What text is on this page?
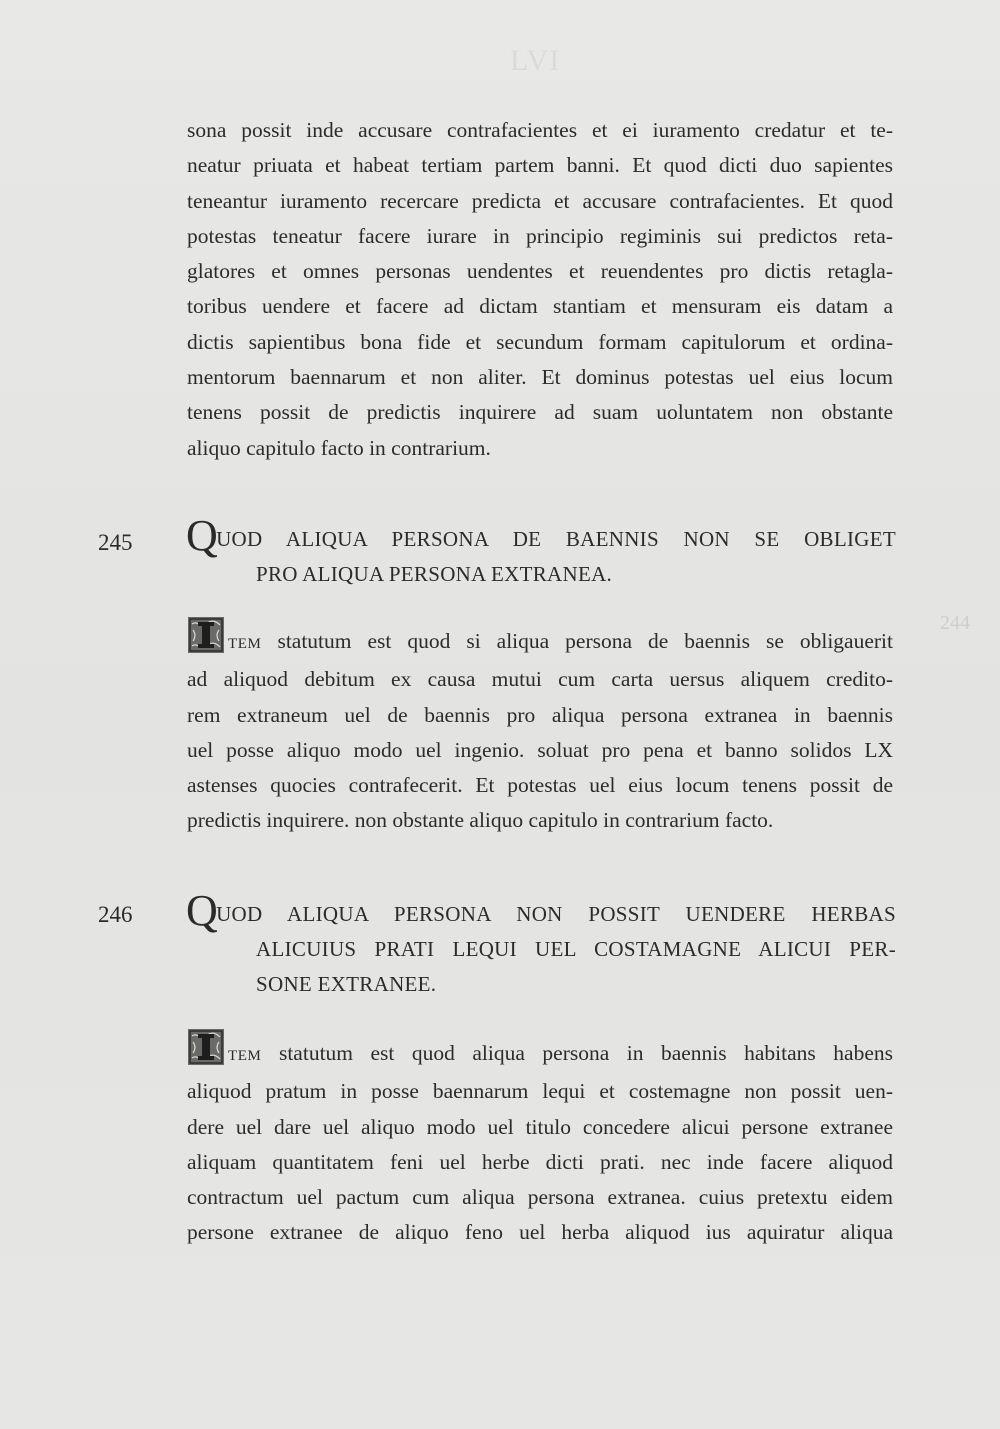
LVI
244
sona possit inde accusare contrafacientes et ei iuramento credatur et te-
neatur priuata et habeat tertiam partem banni. Et quod dicti duo sapientes
teneantur iuramento recercare predicta et accusare contrafacientes. Et quod
potestas teneatur facere iurare in principio regiminis sui predictos reta-
glatores et omnes personas uendentes et reuendentes pro dictis retagla-
toribus uendere et facere ad dictam stantiam et mensuram eis datam a
dictis sapientibus bona fide et secundum formam capitulorum et ordina-
mentorum baennarum et non aliter. Et dominus potestas uel eius locum
tenens possit de predictis inquirere ad suam uoluntatem non obstante
aliquo capitulo facto in contrarium.
245 QUOD ALIQUA PERSONA DE BAENNIS NON SE OBLIGET
PRO ALIQUA PERSONA EXTRANEA.
TEM statutum est quod si aliqua persona de baennis se obligauerit
ad aliquod debitum ex causa mutui cum carta uersus aliquem credito-
rem extraneum uel de baennis pro aliqua persona extranea in baennis
uel posse aliquo modo uel ingenio. soluat pro pena et banno solidos LX
astenses quocies contrafecerit. Et potestas uel eius locum tenens possit de
predictis inquirere. non obstante aliquo capitulo in contrarium facto.
246 QUOD ALIQUA PERSONA NON POSSIT UENDERE HERBAS
ALICUIUS PRATI LEQUI UEL COSTAMAGNE ALICUI PER-
SONE EXTRANEE.
TEM statutum est quod aliqua persona in baennis habitans habens
aliquod pratum in posse baennarum lequi et costemagne non possit uen-
dere uel dare uel aliquo modo uel titulo concedere alicui persone extranee
aliquam quantitatem feni uel herbe dicti prati. nec inde facere aliquod
contractum uel pactum cum aliqua persona extranea. cuius pretextu eidem
persone extranee de aliquo feno uel herba aliquod ius aquiratur aliqua
